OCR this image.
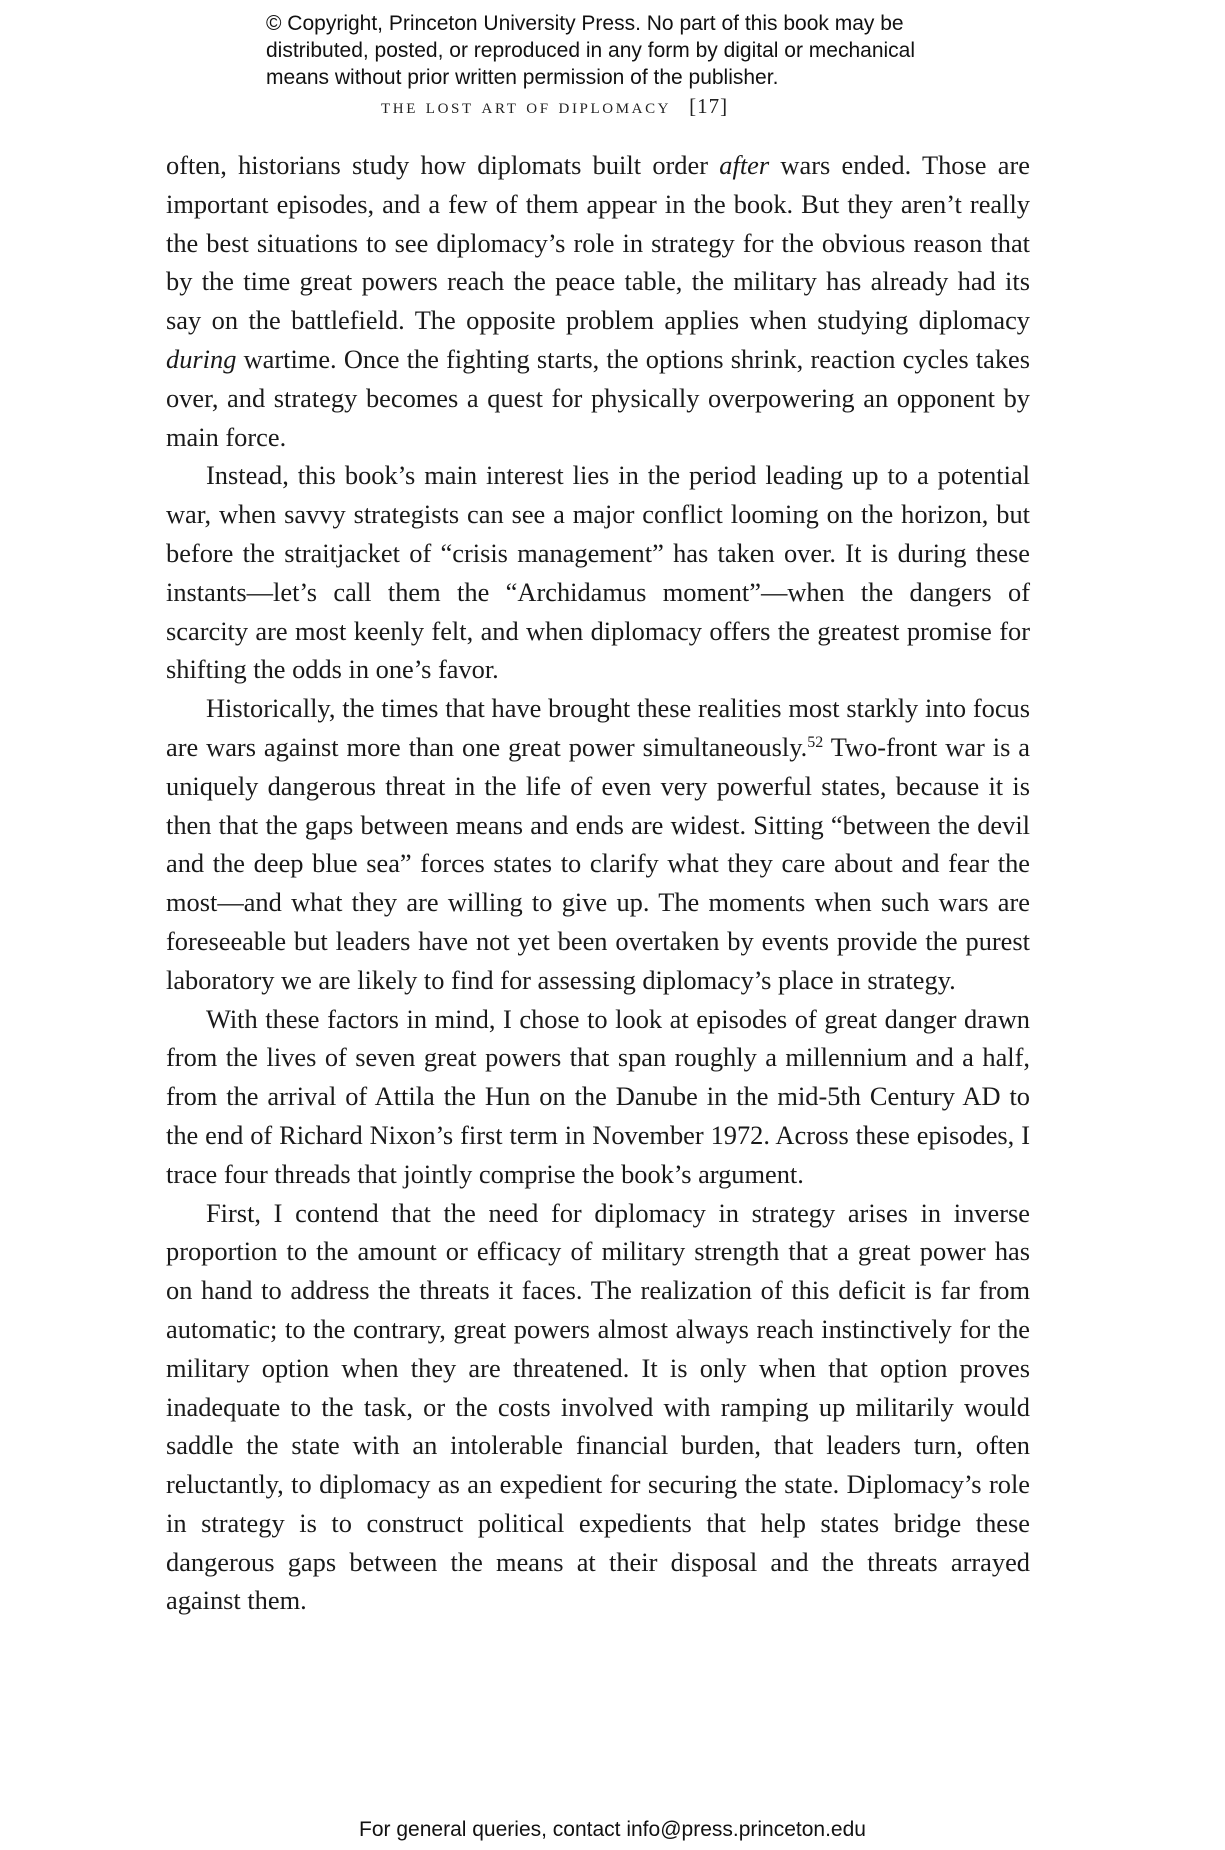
© Copyright, Princeton University Press. No part of this book may be
distributed, posted, or reproduced in any form by digital or mechanical
means without prior written permission of the publisher.
the lost art of diplomacy [17]

often, historians study how diplomats built order after wars ended. Those are important episodes, and a few of them appear in the book. But they aren’t really the best situations to see diplomacy’s role in strategy for the obvious reason that by the time great powers reach the peace table, the military has already had its say on the battlefield. The opposite problem applies when studying diplomacy during wartime. Once the fighting starts, the options shrink, reaction cycles takes over, and strategy becomes a quest for physically overpowering an opponent by main force.

Instead, this book’s main interest lies in the period leading up to a potential war, when savvy strategists can see a major conflict looming on the horizon, but before the straitjacket of “crisis management” has taken over. It is during these instants—let’s call them the “Archidamus moment”—when the dangers of scarcity are most keenly felt, and when diplomacy offers the greatest promise for shifting the odds in one’s favor.

Historically, the times that have brought these realities most starkly into focus are wars against more than one great power simultaneously.$^{52}$ Two-front war is a uniquely dangerous threat in the life of even very powerful states, because it is then that the gaps between means and ends are widest. Sitting “between the devil and the deep blue sea” forces states to clarify what they care about and fear the most—and what they are willing to give up. The moments when such wars are foreseeable but leaders have not yet been overtaken by events provide the purest laboratory we are likely to find for assessing diplomacy’s place in strategy.

With these factors in mind, I chose to look at episodes of great danger drawn from the lives of seven great powers that span roughly a millennium and a half, from the arrival of Attila the Hun on the Danube in the mid-5th Century AD to the end of Richard Nixon’s first term in November 1972. Across these episodes, I trace four threads that jointly comprise the book’s argument.

First, I contend that the need for diplomacy in strategy arises in inverse proportion to the amount or efficacy of military strength that a great power has on hand to address the threats it faces. The realization of this deficit is far from automatic; to the contrary, great powers almost always reach instinctively for the military option when they are threatened. It is only when that option proves inadequate to the task, or the costs involved with ramping up militarily would saddle the state with an intolerable financial burden, that leaders turn, often reluctantly, to diplomacy as an expedient for securing the state. Diplomacy’s role in strategy is to construct political expedients that help states bridge these dangerous gaps between the means at their disposal and the threats arrayed against them.

For general queries, contact info@press.princeton.edu
